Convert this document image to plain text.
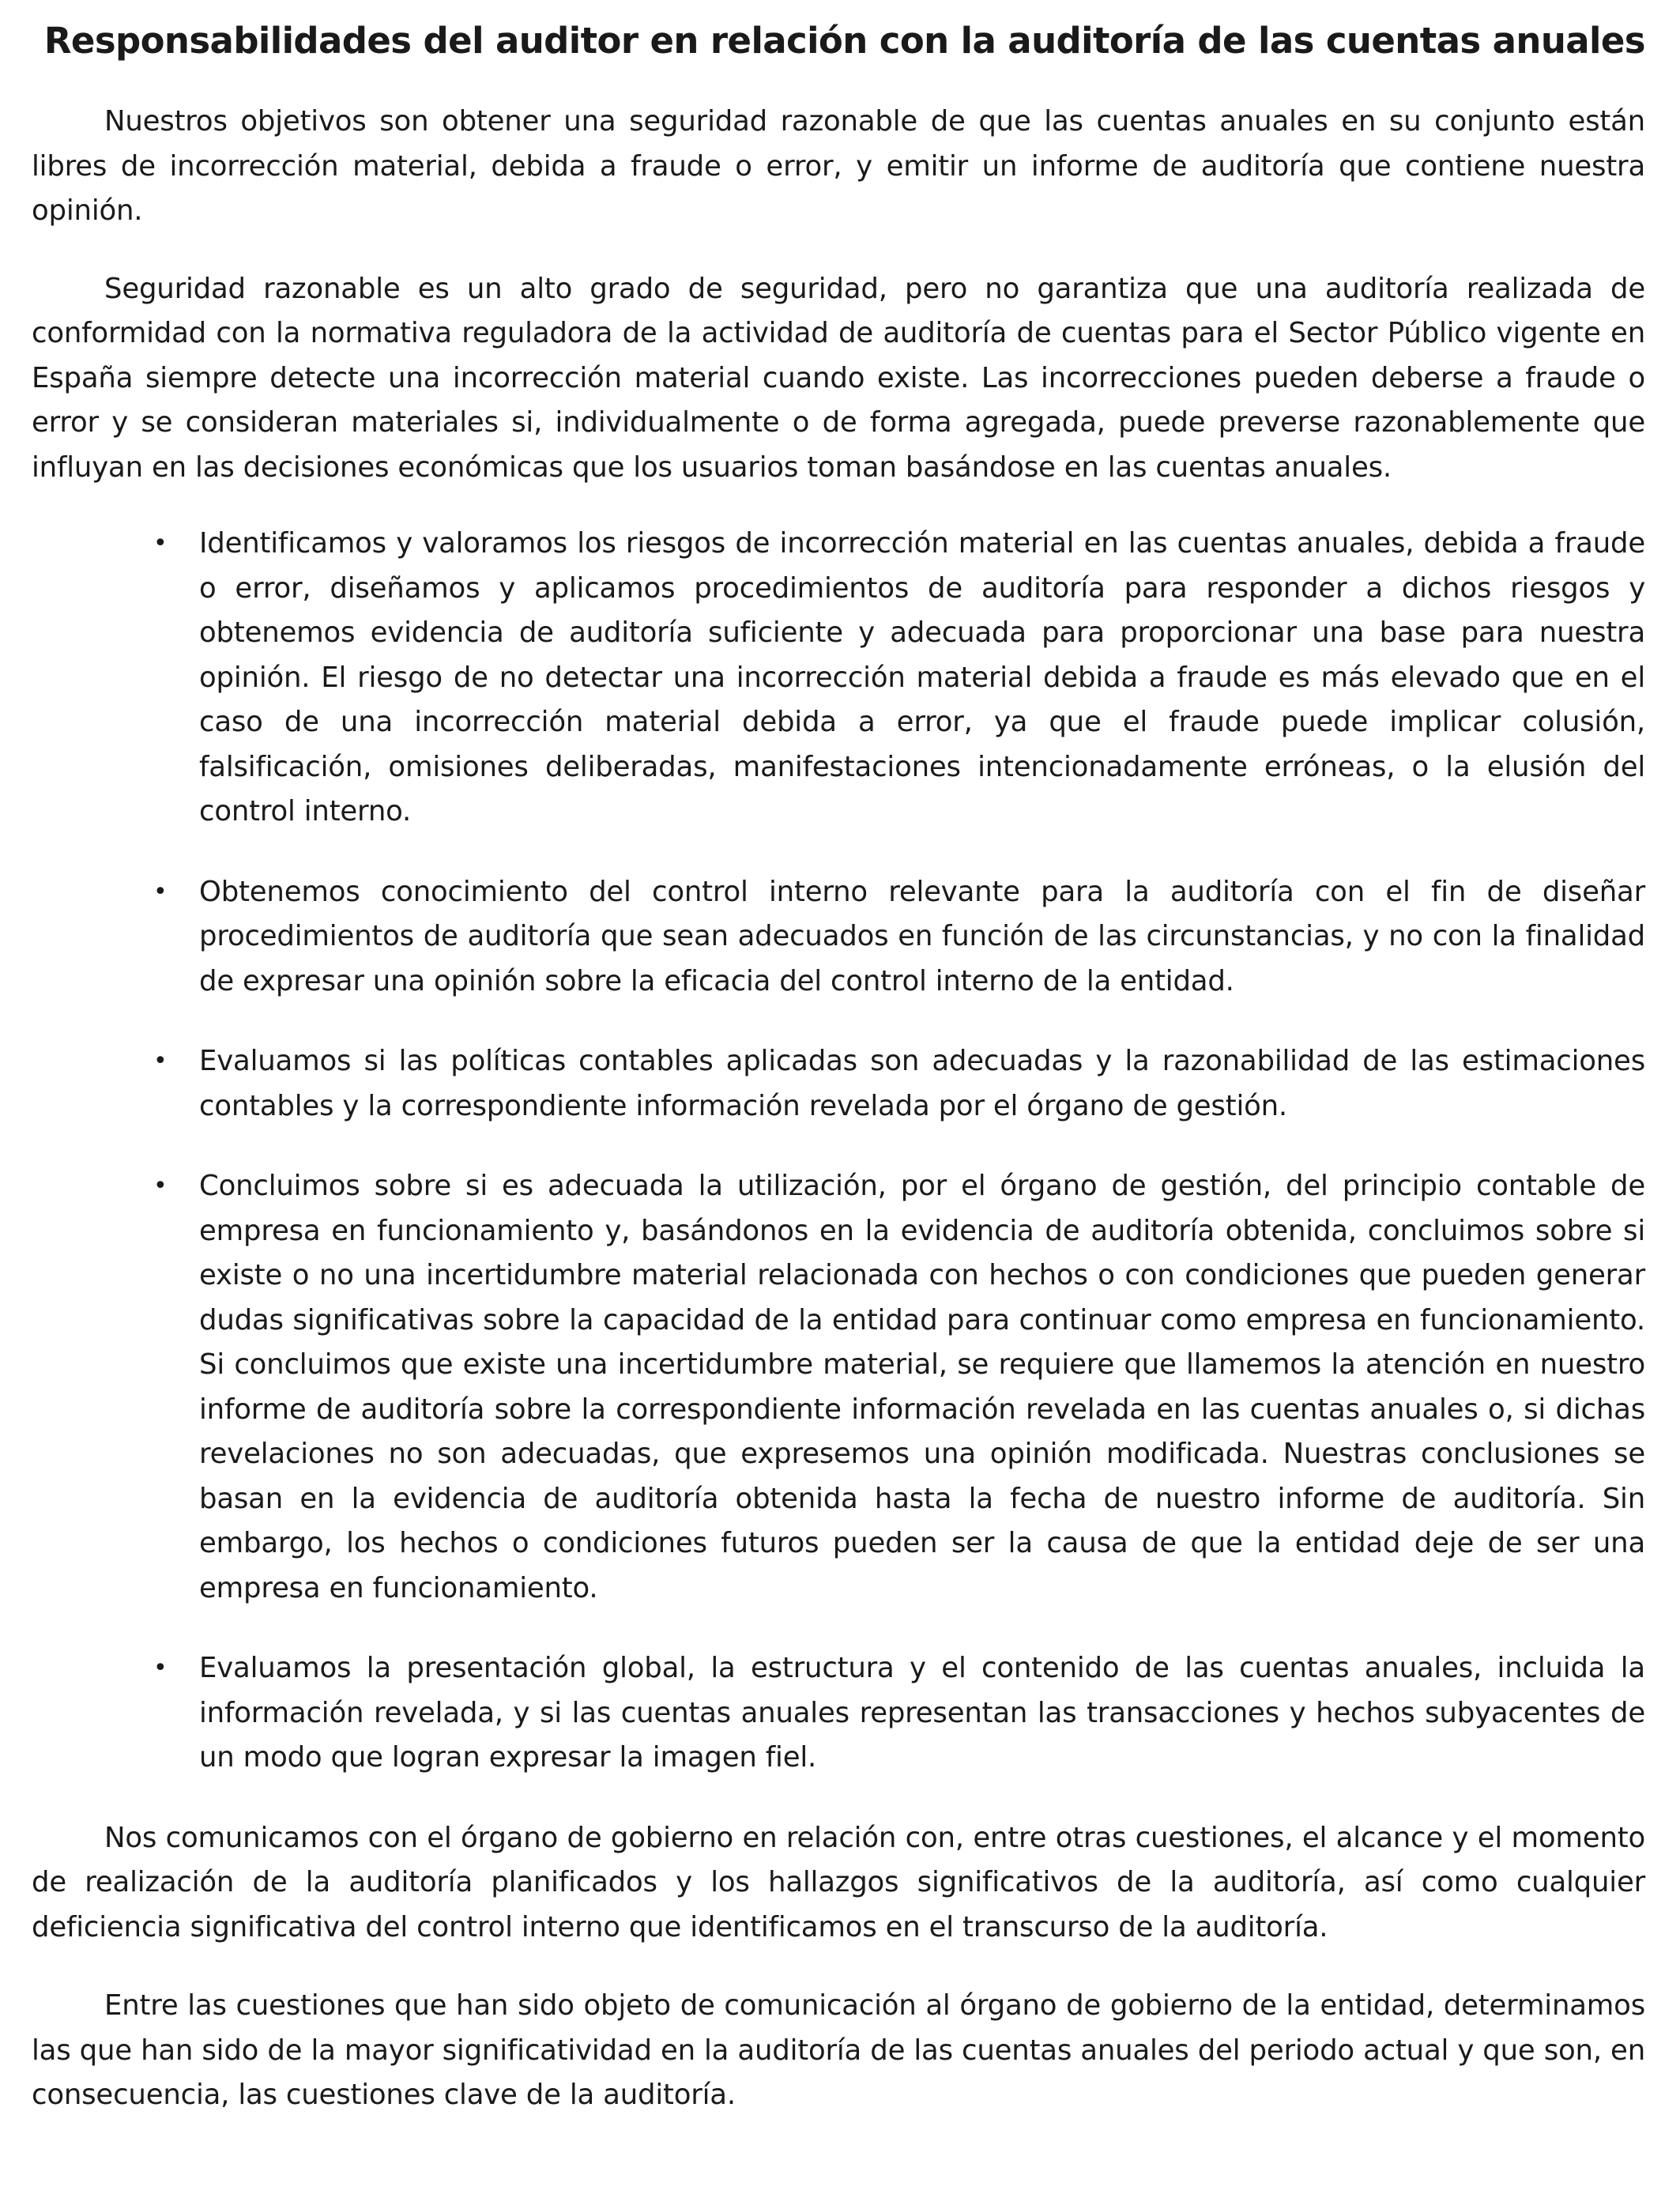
Responsabilidades del auditor en relación con la auditoría de las cuentas anuales

Nuestros objetivos son obtener una seguridad razonable de que las cuentas anuales en su conjunto están libres de incorrección material, debida a fraude o error, y emitir un informe de auditoría que contiene nuestra opinión.

Seguridad razonable es un alto grado de seguridad, pero no garantiza que una auditoría realizada de conformidad con la normativa reguladora de la actividad de auditoría de cuentas para el Sector Público vigente en España siempre detecte una incorrección material cuando existe. Las incorrecciones pueden deberse a fraude o error y se consideran materiales si, individualmente o de forma agregada, puede preverse razonablemente que influyan en las decisiones económicas que los usuarios toman basándose en las cuentas anuales.

• Identificamos y valoramos los riesgos de incorrección material en las cuentas anuales, debida a fraude o error, diseñamos y aplicamos procedimientos de auditoría para responder a dichos riesgos y obtenemos evidencia de auditoría suficiente y adecuada para proporcionar una base para nuestra opinión. El riesgo de no detectar una incorrección material debida a fraude es más elevado que en el caso de una incorrección material debida a error, ya que el fraude puede implicar colusión, falsificación, omisiones deliberadas, manifestaciones intencionadamente erróneas, o la elusión del control interno.
• Obtenemos conocimiento del control interno relevante para la auditoría con el fin de diseñar procedimientos de auditoría que sean adecuados en función de las circunstancias, y no con la finalidad de expresar una opinión sobre la eficacia del control interno de la entidad.
• Evaluamos si las políticas contables aplicadas son adecuadas y la razonabilidad de las estimaciones contables y la correspondiente información revelada por el órgano de gestión.
• Concluimos sobre si es adecuada la utilización, por el órgano de gestión, del principio contable de empresa en funcionamiento y, basándonos en la evidencia de auditoría obtenida, concluimos sobre si existe o no una incertidumbre material relacionada con hechos o con condiciones que pueden generar dudas significativas sobre la capacidad de la entidad para continuar como empresa en funcionamiento. Si concluimos que existe una incertidumbre material, se requiere que llamemos la atención en nuestro informe de auditoría sobre la correspondiente información revelada en las cuentas anuales o, si dichas revelaciones no son adecuadas, que expresemos una opinión modificada. Nuestras conclusiones se basan en la evidencia de auditoría obtenida hasta la fecha de nuestro informe de auditoría. Sin embargo, los hechos o condiciones futuros pueden ser la causa de que la entidad deje de ser una empresa en funcionamiento.
• Evaluamos la presentación global, la estructura y el contenido de las cuentas anuales, incluida la información revelada, y si las cuentas anuales representan las transacciones y hechos subyacentes de un modo que logran expresar la imagen fiel.

Nos comunicamos con el órgano de gobierno en relación con, entre otras cuestiones, el alcance y el momento de realización de la auditoría planificados y los hallazgos significativos de la auditoría, así como cualquier deficiencia significativa del control interno que identificamos en el transcurso de la auditoría.

Entre las cuestiones que han sido objeto de comunicación al órgano de gobierno de la entidad, determinamos las que han sido de la mayor significatividad en la auditoría de las cuentas anuales del periodo actual y que son, en consecuencia, las cuestiones clave de la auditoría.
